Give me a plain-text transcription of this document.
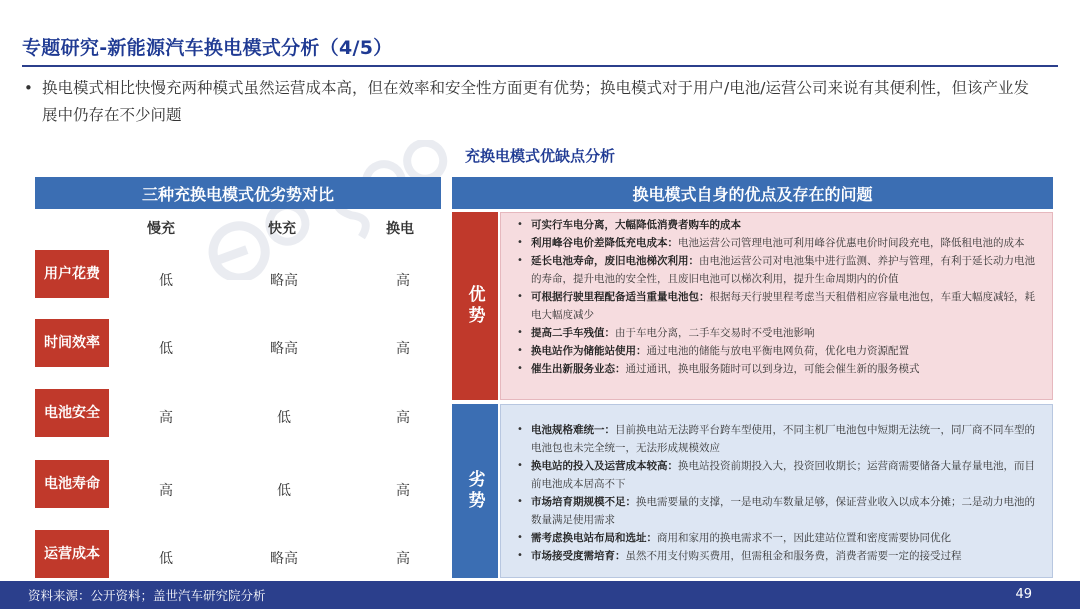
专题研究-新能源汽车换电模式分析（4/5）
• 换电模式相比快慢充两种模式虽然运营成本高，但在效率和安全性方面更有优势；换电模式对于用户/电池/运营公司来说有其便利性，但该产业发展中仍存在不少问题
充换电模式优缺点分析
三种充换电模式优劣势对比
慢充	快充	换电
用户花费	低	略高	高
时间效率	低	略高	高
电池安全	高	低	高
电池寿命	高	低	高
运营成本	低	略高	高
换电模式自身的优点及存在的问题
优势
• 可实行车电分离，大幅降低消费者购车的成本
• 利用峰谷电价差降低充电成本：电池运营公司管理电池可利用峰谷优惠电价时间段充电，降低租电池的成本
• 延长电池寿命，废旧电池梯次利用：由电池运营公司对电池集中进行监测、养护与管理，有利于延长动力电池的寿命，提升电池的安全性，且废旧电池可以梯次利用，提升生命周期内的价值
• 可根据行驶里程配备适当重量电池包：根据每天行驶里程考虑当天租借相应容量电池包，车重大幅度减轻，耗电大幅度减少
• 提高二手车残值：由于车电分离，二手车交易时不受电池影响
• 换电站作为储能站使用：通过电池的储能与放电平衡电网负荷，优化电力资源配置
• 催生出新服务业态：通过通讯，换电服务随时可以到身边，可能会催生新的服务模式
劣势
• 电池规格难统一：目前换电站无法跨平台跨车型使用，不同主机厂电池包中短期无法统一，同厂商不同车型的电池包也未完全统一，无法形成规模效应
• 换电站的投入及运营成本较高：换电站投资前期投入大，投资回收期长；运营商需要储备大量存量电池，而目前电池成本居高不下
• 市场培育期规模不足：换电需要量的支撑，一是电动车数量足够，保证营业收入以成本分摊；二是动力电池的数量满足使用需求
• 需考虑换电站布局和选址：商用和家用的换电需求不一，因此建站位置和密度需要协同优化
• 市场接受度需培育：虽然不用支付购买费用，但需租金和服务费，消费者需要一定的接受过程
资料来源：公开资料；盖世汽车研究院分析	49
